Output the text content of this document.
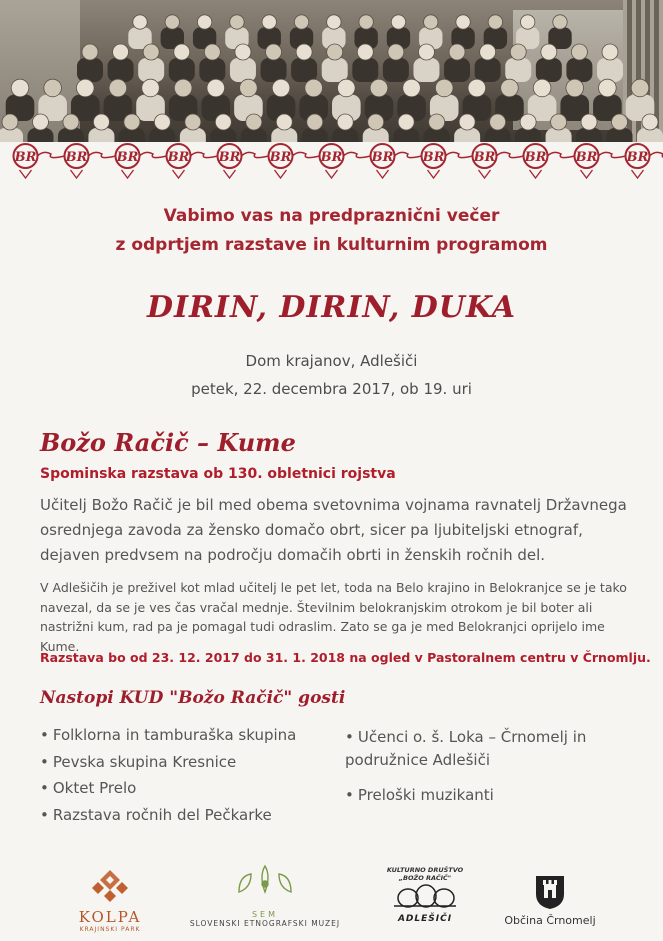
BR BR BR BR BR BR BR BR BR BR BR BR BR
Vabimo vas na predpraznični večer
z odprtjem razstave in kulturnim programom
DIRIN, DIRIN, DUKA
Dom krajanov, Adlešiči
petek, 22. decembra 2017, ob 19. uri
Božo Račič – Kume
Spominska razstava ob 130. obletnici rojstva
Učitelj Božo Račič je bil med obema svetovnima vojnama ravnatelj Državnega osrednjega zavoda za žensko domačo obrt, sicer pa ljubiteljski etnograf, dejaven predvsem na področju domačih obrti in ženskih ročnih del.
V Adlešičih je preživel kot mlad učitelj le pet let, toda na Belo krajino in Belokranjce se je tako navezal, da se je ves čas vračal mednje. Številnim belokranjskim otrokom je bil boter ali nastrižni kum, rad pa je pomagal tudi odraslim. Zato se ga je med Belokranjci oprijelo ime Kume.
Razstava bo od 23. 12. 2017 do 31. 1. 2018 na ogled v Pastoralnem centru v Črnomlju.
Nastopi KUD "Božo Račič" gosti
• Folklorna in tamburaška skupina
• Pevska skupina Kresnice
• Oktet Prelo
• Razstava ročnih del Pečkarke
• Učenci o. š. Loka – Črnomelj in podružnice Adlešiči
• Preloški muzikanti
KOLPA
KRAJINSKI PARK
SEM
SLOVENSKI ETNOGRAFSKI MUZEJ
KULTURNO DRUŠTVO
„BOŽO RAČIČ"
ADLEŠIČI	Občina Črnomelj
